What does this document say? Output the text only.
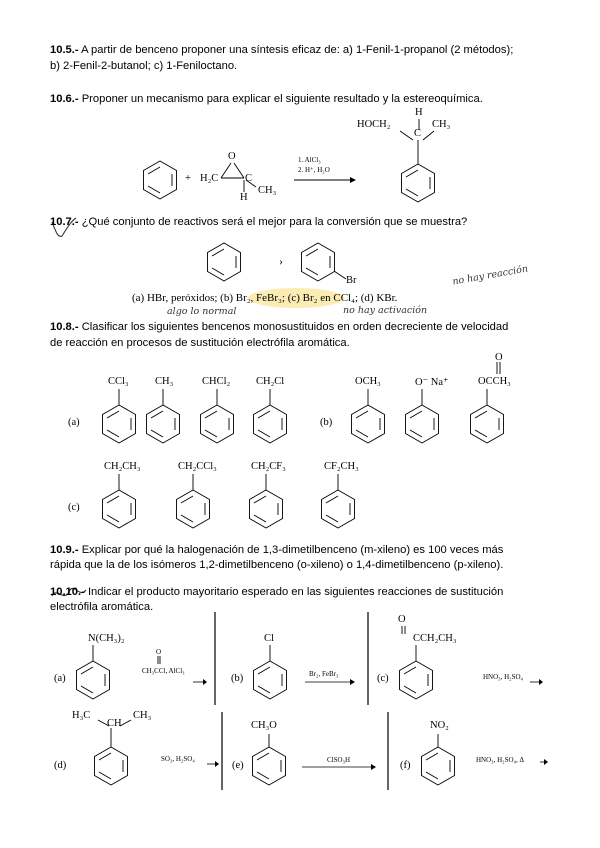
10.5.- A partir de benceno proponer una síntesis eficaz de: a) 1-Fenil-1-propanol (2 métodos);
b) 2-Fenil-2-butanol; c) 1-Feniloctano.
10.6.- Proponer un mecanismo para explicar el siguiente resultado y la estereoquímica.
H
HOCH₂
C
CH₃
+ H₂C
O
C
CH₃
H
1. AlCl₃
2. H⁺, H₂O
10.7.- ¿Qué conjunto de reactivos será el mejor para la conversión que se muestra?
›
Br
(a) HBr, peróxidos; (b) Br₂, FeBr₃; (c) Br₂ en CCl₄; (d) KBr.
algo lo normal	no hay activación
no hay reacción
10.8.- Clasificar los siguientes bencenos monosustituidos en orden decreciente de velocidad
de reacción en procesos de sustitución electrófila aromática.
(a)
CCl₃	CH₃	CHCl₂ CH₂Cl
(b)
OCH₃	O⁻ Na⁺
O
OCCH₃
(c)
CH₂CH₃	CH₂CCl₃	CH₂CF₃	CF₂CH₃
10.9.- Explicar por qué la halogenación de 1,3-dimetilbenceno (m-xileno) es 100 veces más
rápida que la de los isómeros 1,2-dimetilbenceno (o-xileno) o 1,4-dimetilbenceno (p-xileno).
10.10.- Indicar el producto mayoritario esperado en las siguientes reacciones de sustitución
electrófila aromática.
(a)
N(CH₃)₂
O
CH₃CCl, AlCl₃
(b)
Cl
Br₂, FeBr₃	(c)
O
CCH₂CH₃
HNO₃, H₂SO₄
(d)
H₃C
CH
CH₃
SO₃, H₂SO₄
(e)
CH₃O
ClSO₃H	(f)
NO₂
HNO₃, H₂SO₄, Δ
